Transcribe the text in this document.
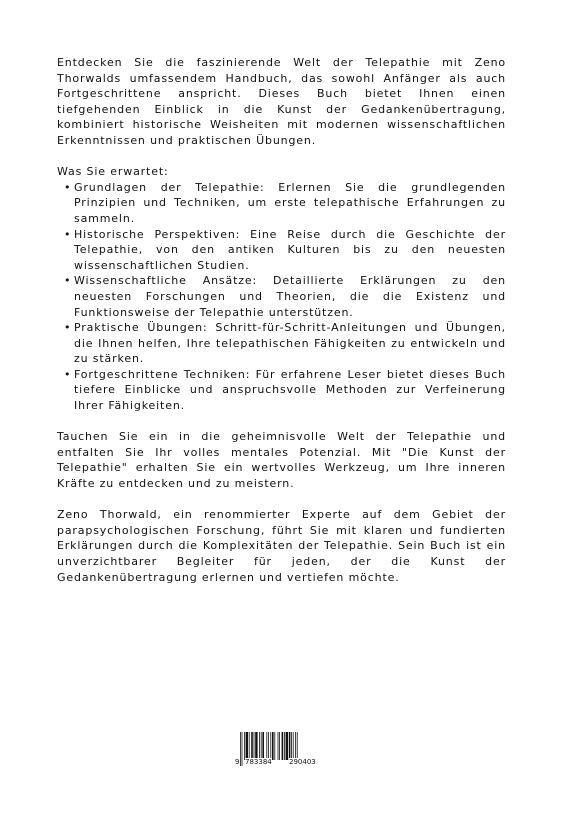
Entdecken Sie die faszinierende Welt der Telepathie mit Zeno Thorwalds umfassendem Handbuch, das sowohl Anfänger als auch Fortgeschrittene anspricht. Dieses Buch bietet Ihnen einen tiefgehenden Einblick in die Kunst der Gedankenübertragung, kombiniert historische Weisheiten mit modernen wissenschaftlichen Erkenntnissen und praktischen Übungen.

Was Sie erwartet:

• Grundlagen der Telepathie: Erlernen Sie die grundlegenden Prinzipien und Techniken, um erste telepathische Erfahrungen zu sammeln.
• Historische Perspektiven: Eine Reise durch die Geschichte der Telepathie, von den antiken Kulturen bis zu den neuesten wissenschaftlichen Studien.
• Wissenschaftliche Ansätze: Detaillierte Erklärungen zu den neuesten Forschungen und Theorien, die die Existenz und Funktionsweise der Telepathie unterstützen.
• Praktische Übungen: Schritt-für-Schritt-Anleitungen und Übungen, die Ihnen helfen, Ihre telepathischen Fähigkeiten zu entwickeln und zu stärken.
• Fortgeschrittene Techniken: Für erfahrene Leser bietet dieses Buch tiefere Einblicke und anspruchsvolle Methoden zur Verfeinerung Ihrer Fähigkeiten.

Tauchen Sie ein in die geheimnisvolle Welt der Telepathie und entfalten Sie Ihr volles mentales Potenzial. Mit "Die Kunst der Telepathie" erhalten Sie ein wertvolles Werkzeug, um Ihre inneren Kräfte zu entdecken und zu meistern.

Zeno Thorwald, ein renommierter Experte auf dem Gebiet der parapsychologischen Forschung, führt Sie mit klaren und fundierten Erklärungen durch die Komplexitäten der Telepathie. Sein Buch ist ein unverzichtbarer Begleiter für jeden, der die Kunst der Gedankenübertragung erlernen und vertiefen möchte.

9 783384 290403
